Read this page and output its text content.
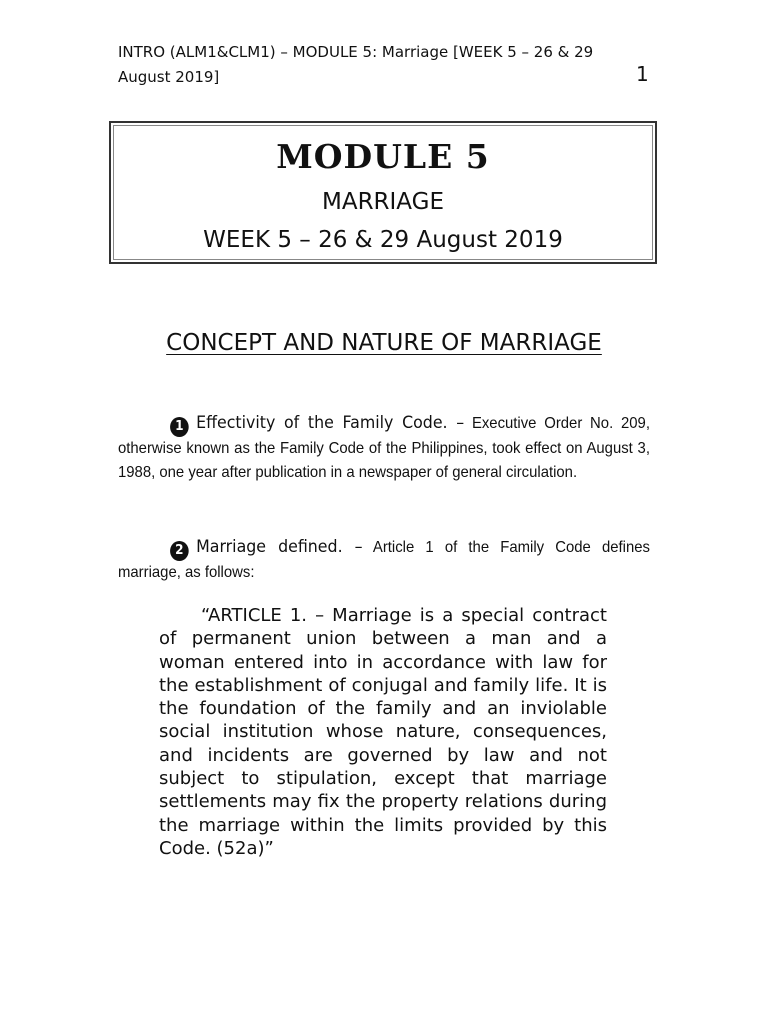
INTRO (ALM1&CLM1) – MODULE 5: Marriage [WEEK 5 – 26 & 29
August 2019]	1
MODULE 5
MARRIAGE
WEEK 5 – 26 & 29 August 2019
CONCEPT AND NATURE OF MARRIAGE
1 Effectivity of the Family Code. – Executive Order No. 209, otherwise known as the Family Code of the Philippines, took effect on August 3, 1988, one year after publication in a newspaper of general circulation.
2 Marriage defined. – Article 1 of the Family Code defines marriage, as follows:
“ARTICLE 1. – Marriage is a special contract of permanent union between a man and a woman entered into in accordance with law for the establishment of conjugal and family life. It is the foundation of the family and an inviolable social institution whose nature, consequences, and incidents are governed by law and not subject to stipulation, except that marriage settlements may fix the property relations during the marriage within the limits provided by this Code. (52a)”
